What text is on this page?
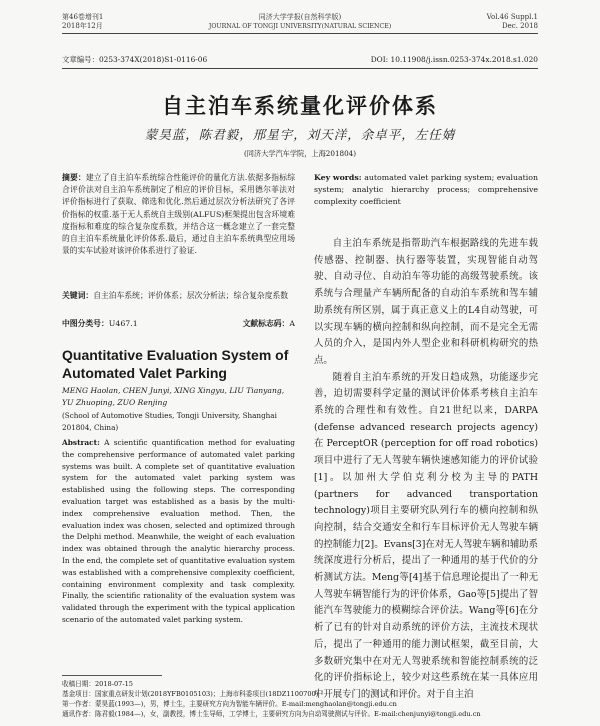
第46卷增刊1
2018年12月
同济大学学报(自然科学版)
JOURNAL OF TONGJI UNIVERSITY(NATURAL SCIENCE)
Vol.46 Suppl.1
Dec. 2018
文章编号：0253-374X(2018)S1-0116-06	DOI: 10.11908/j.issn.0253-374x.2018.s1.020
自主泊车系统量化评价体系
蒙昊蓝，陈君毅，邢星宇，刘天洋，余卓平，左任婧
(同济大学汽车学院，上海201804)
摘要：建立了自主泊车系统综合性能评价的量化方法.依据多指标综合评价法对自主泊车系统制定了相应的评价目标，采用德尔菲法对评价指标进行了获取、筛选和优化.然后通过层次分析法研究了各评价指标的权重.基于无人系统自主级别(ALFUS)框架提出包含环境难度指标和难度的综合复杂度系数，并结合这一概念建立了一套完整的自主泊车系统量化评价体系.最后，通过自主泊车系统典型应用场景的实车试验对该评价体系进行了验证.
关键词：自主泊车系统；评价体系；层次分析法；综合复杂度系数
中图分类号：U467.1	文献标志码：A
Quantitative Evaluation System of Automated Valet Parking
MENG Haolan, CHEN Junyi, XING Xingyu, LIU Tianyang, YU Zhuoping, ZUO Renjing
(School of Automotive Studies, Tongji University, Shanghai 201804, China)
Abstract: A scientific quantification method for evaluating the comprehensive performance of automated valet parking systems was built. A complete set of quantitative evaluation system for the automated valet parking system was established using the following steps. The corresponding evaluation target was established as a basis by the multi-index comprehensive evaluation method. Then, the evaluation index was chosen, selected and optimized through the Delphi method. Meanwhile, the weight of each evaluation index was obtained through the analytic hierarchy process. In the end, the complete set of quantitative evaluation system was established with a comprehensive complexity coefficient, containing environment complexity and task complexity. Finally, the scientific rationality of the evaluation system was validated through the experiment with the typical application scenario of the automated valet parking system.
Key words: automated valet parking system; evaluation system; analytic hierarchy process; comprehensive complexity coefficient

自主泊车系统是指帮助汽车根据路线的先进车载传感器、控制器、执行器等装置，实现智能自动驾驶、自动寻位、自动泊车等功能的高级驾驶系统。该系统与合理量产车辆所配备的自动泊车系统和驾车辅助系统有所区别，属于真正意义上的L4自动驾驶，可以实现车辆的横向控制和纵向控制，而不是完全无需人员的介入，是国内外人型企业和科研机构研究的热点。

随着自主泊车系统的开发日趋成熟，功能逐步完善，迫切需要科学定量的测试评价体系考核自主泊车系统的合理性和有效性。自21世纪以来，DARPA (defense advanced research projects agency) 在 PerceptOR (perception for off road robotics)项目中进行了无人驾驶车辆快速感知能力的评价试验[1]。以加州大学伯克利分校为主导的PATH (partners for advanced transportation technology)项目主要研究队列行车的横向控制和纵向控制，结合交通安全和行车目标评价无人驾驶车辆的控制能力[2]。Evans[3]在对无人驾驶车辆和辅助系统深度进行分析后，提出了一种通用的基于代价的分析测试方法。Meng等[4]基于信息理论提出了一种无人驾驶车辆智能行为的评价体系，Gao等[5]提出了智能汽车驾驶能力的模糊综合评价法。Wang等[6]在分析了已有的针对自动系统的评价方法，主流技术现状后，提出了一种通用的能力测试框架，截至目前，大多数研究集中在对无人驾驶系统和智能控制系统的泛化的评价指标论上，较少对这些系统在某一具体应用中开展专门的测试和评价。对于自主泊

收稿日期：2018-07-15
基金项目：国家重点研发计划(2018YFB0105103)；上海市科委项目(18DZ1100700)
第一作者：蒙昊蓝(1993—)，男，博士生，主要研究方向为智能车辆评价。E-mail:menghaolan@tongji.edu.cn
通讯作者：陈君毅(1984—)，女，副教授，博士生导师，工学博士，主要研究方向为自动驾驶测试与评价。E-mail:chenjunyi@tongji.edu.cn
